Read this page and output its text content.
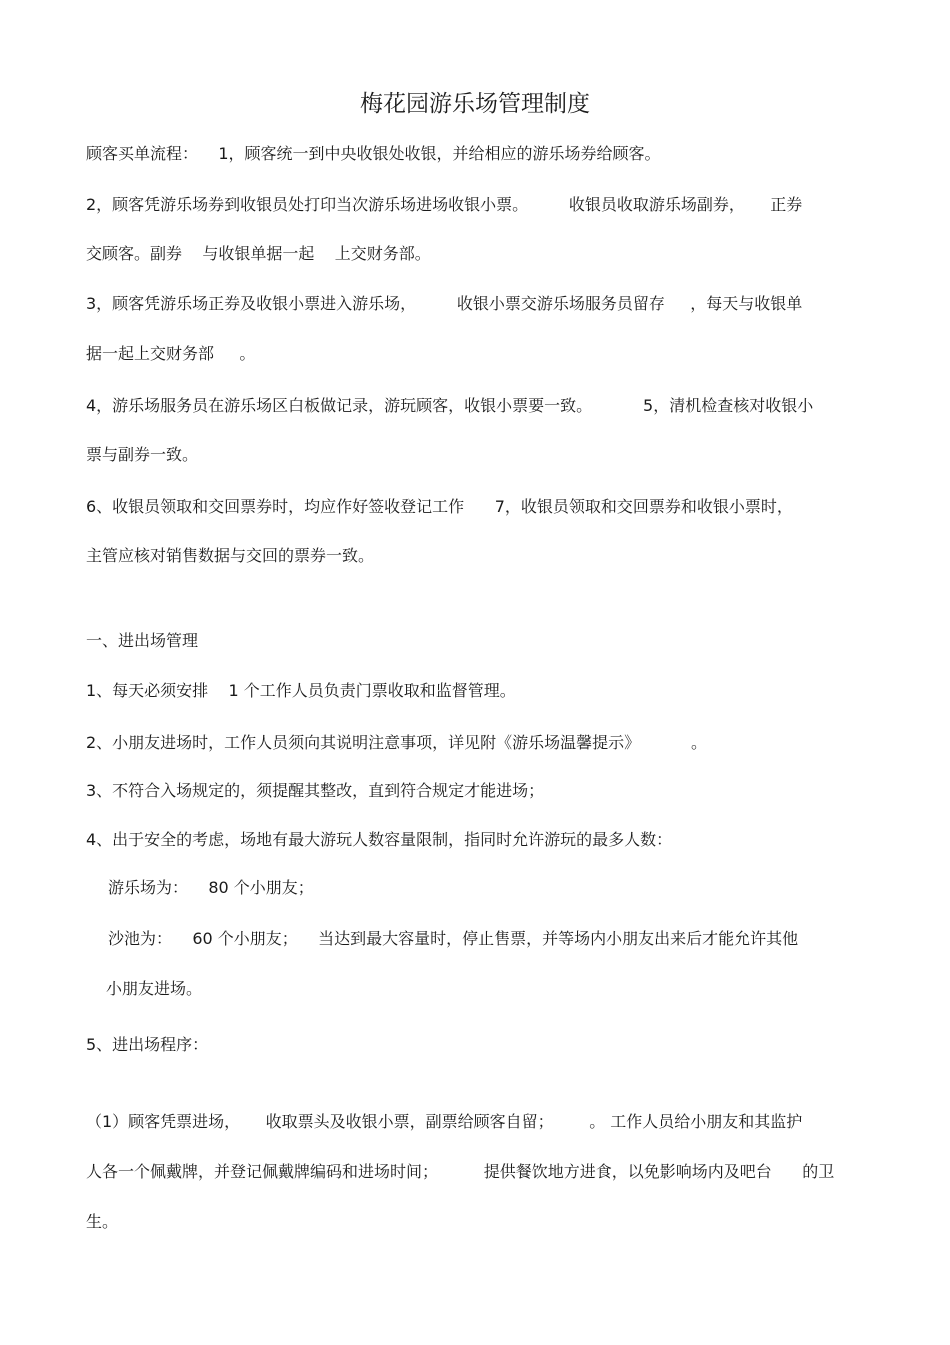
梅花园游乐场管理制度
顾客买单流程：    1，顾客统一到中央收银处收银，并给相应的游乐场券给顾客。
2，顾客凭游乐场券到收银员处打印当次游乐场进场收银小票。        收银员收取游乐场副券，     正券
交顾客。副券    与收银单据一起    上交财务部。
3，顾客凭游乐场正券及收银小票进入游乐场，        收银小票交游乐场服务员留存     ，每天与收银单
据一起上交财务部     。
4，游乐场服务员在游乐场区白板做记录，游玩顾客，收银小票要一致。          5，清机检查核对收银小
票与副券一致。
6、收银员领取和交回票券时，均应作好签收登记工作      7，收银员领取和交回票券和收银小票时，
主管应核对销售数据与交回的票券一致。
一、进出场管理
1、每天必须安排    1 个工作人员负责门票收取和监督管理。
2、小朋友进场时，工作人员须向其说明注意事项，详见附《游乐场温馨提示》          。
3、不符合入场规定的，须提醒其整改，直到符合规定才能进场；
4、出于安全的考虑，场地有最大游玩人数容量限制，指同时允许游玩的最多人数：
游乐场为：    80 个小朋友；
沙池为：    60 个小朋友；    当达到最大容量时，停止售票，并等场内小朋友出来后才能允许其他
小朋友进场。
5、进出场程序：
（1）顾客凭票进场，     收取票头及收银小票，副票给顾客自留；       。 工作人员给小朋友和其监护
人各一个佩戴牌，并登记佩戴牌编码和进场时间；         提供餐饮地方进食，以免影响场内及吧台      的卫
生。
